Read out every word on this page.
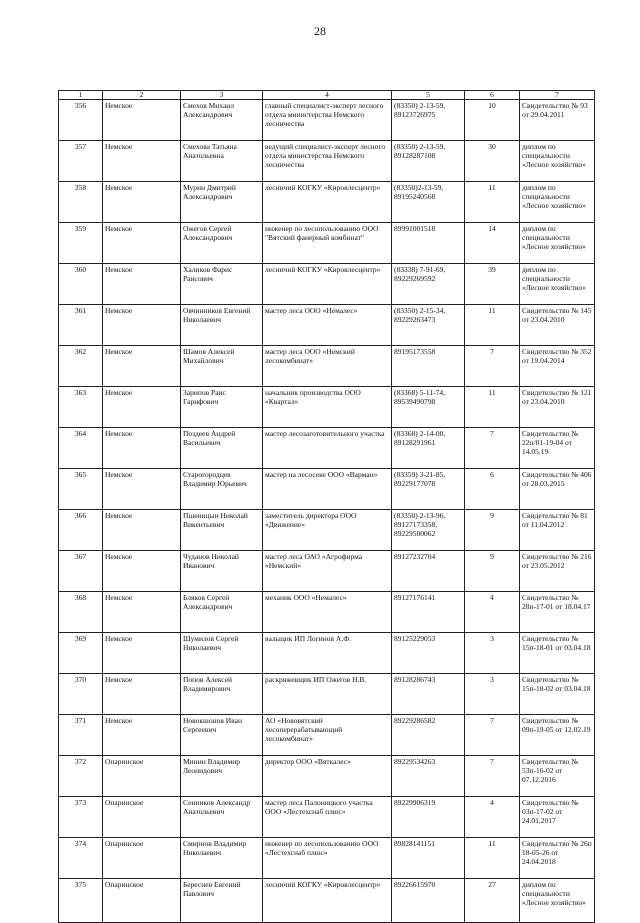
28
1	2	3	4	5	6	7
356	Немское	Смехов Михаил Александрович	главный специалист-эксперт лесного отдела министерства Немского лесничества	(83350) 2-13-59, 89123726975	10	Свидетельство № 93 от 29.04.2011
357	Немское	Смехова Татьяна Анатольевна	ведущий специалист-эксперт лесного отдела министерства Немского лесничества	(83350) 2-13-59, 89128287108	30	диплом по специальности «Лесное хозяйство»
358	Немское	Мурин Дмитрий Александрович	лесничий КОГКУ «Кировлесцентр»	(83350)2-13-59, 89195240568	11	диплом по специальности «Лесное хозяйство»
359	Немское	Ожегов Сергей Александрович	инженер по лесопользованию ООО "Вятский фанерный комбинат"	89991001518	14	диплом по специальности «Лесное хозяйство»
360	Немское	Халиков Фарис Раисович	лесничий КОГКУ «Кировлесцентр»	(83338) 7-91-69, 89229269592	39	диплом по специальности «Лесное хозяйство»
361	Немское	Овчинников Евгений Николаевич	мастер леса ООО «Немалес»	(83350) 2-15-34, 89229263473	11	Свидетельство № 145 от 23.04.2010
362	Немское	Шамов Алексей Михайлович	мастер леса ООО «Немский лесокомбинат»	89195173558	7	Свидетельство № 352 от 19.04.2014
363	Немское	Зарипов Раис Гарифович	начальник производства ООО «Квартал»	(83368) 5-11-74, 89539490798	11	Свидетельство № 121 от 23.04.2010
364	Немское	Поздеев Андрей Васильевич	мастер лесозаготовительного участка	(83368) 2-14-00, 89128291961	7	Свидетельство № 22п/01-19-04 от 14.05.19
365	Немское	Старогородцев Владимир Юрьевич	мастер на лесосеке ООО «Варман»	(83359) 3-21-85, 89229177078	6	Свидетельство № 406 от 28.03.2015
366	Немское	Пшеницын Николай Викентьевич	заместитель директора ООО «Движение»	(83350) 2-13-96, 89127173358, 89229500062	9	Свидетельство № 81 от 11.04.2012
367	Немское	Чуданов Николай Иванович	мастер леса ОАО «Агрофирма «Немский»	89127232704	9	Свидетельство № 216 от 23.05.2012
368	Немское	Бляков Сергей Александрович	механик ООО «Немалес»	89127176141	4	Свидетельство № 28п-17-01 от 18.04.17
369	Немское	Шумилов Сергей Николаевич	вальщик ИП Логинов А.Ф.	89125229053	3	Свидетельство № 15п-18-01 от 03.04.18
370	Немское	Попов Алексей Владимирович	раскряжевщик ИП Ожегов Н.В.	89128286743	3	Свидетельство № 15п-18-02 от 03.04.18
371	Немское	Новокшонов Иван Сергеевич	АО «Нововятский лесоперерабатывающий лесокомбинат»	89229286582	7	Свидетельство № 09п-19-05 от 12.02.19
372	Опаринское	Минин Владимир Леонидович	директор ООО «Вяткалес»	89229534263	7	Свидетельство № 53п-16-02 от 07.12.2016
373	Опаринское	Сенников Александр Анатольевич	мастер леса Палоницкого участка ООО «Лестехснаб плюс»	89229906319	4	Свидетельство № 03п-17-02 от 24.01.2017
374	Опаринское	Смирнов Владимир Николаевич	инженер по лесопользованию ООО «Лестехснаб плюс»	89828141151	11	Свидетельство № 26п 18-05-26 от 24.04.2018
375	Опаринское	Береснев Евгений Павлович	лесничий КОГКУ «Кировлесцентр»	89226615970	27	диплом по специальности «Лесное хозяйство»
